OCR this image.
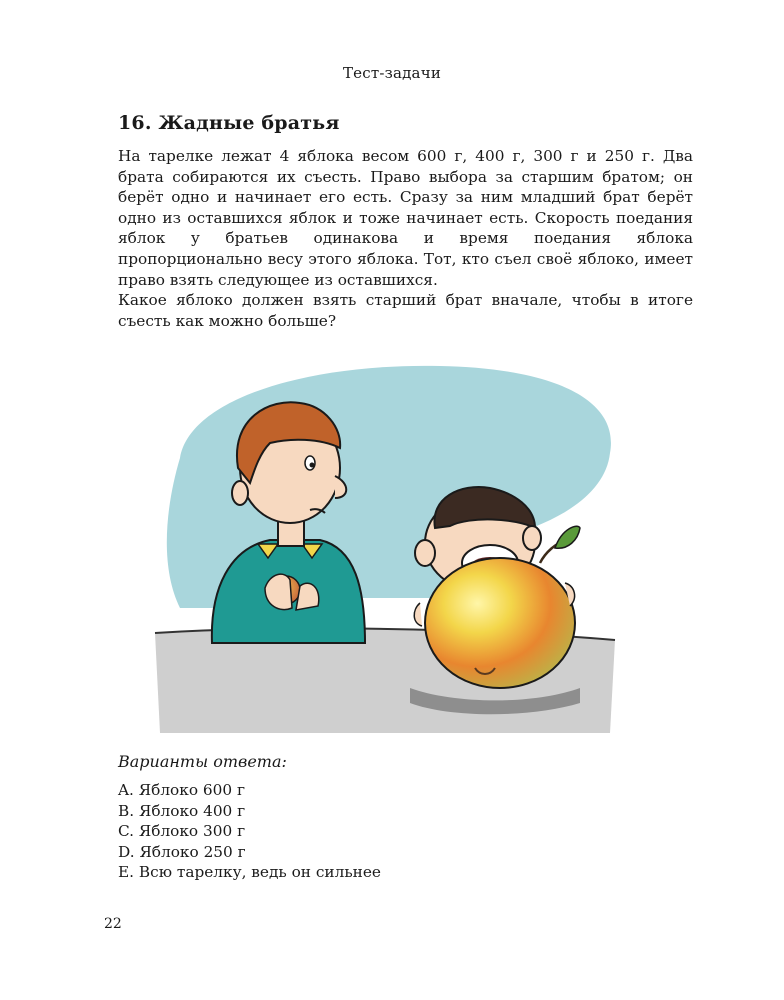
Тест-задачи
16. Жадные братья

На тарелке лежат 4 яблока весом 600 г, 400 г, 300 г и 250 г. Два брата собираются их съесть. Право выбора за старшим братом; он берёт одно и начинает его есть. Сразу за ним младший брат берёт одно из оставшихся яблок и тоже начинает есть. Скорость поедания яблок у братьев одинакова и время поедания яблока пропорционально весу этого яблока. Тот, кто съел своё яблоко, имеет право взять следующее из оставшихся.

Какое яблоко должен взять старший брат вначале, чтобы в итоге съесть как можно больше?

Варианты ответа:
A. Яблоко 600 г
B. Яблоко 400 г
C. Яблоко 300 г
D. Яблоко 250 г
E. Всю тарелку, ведь он сильнее
22
